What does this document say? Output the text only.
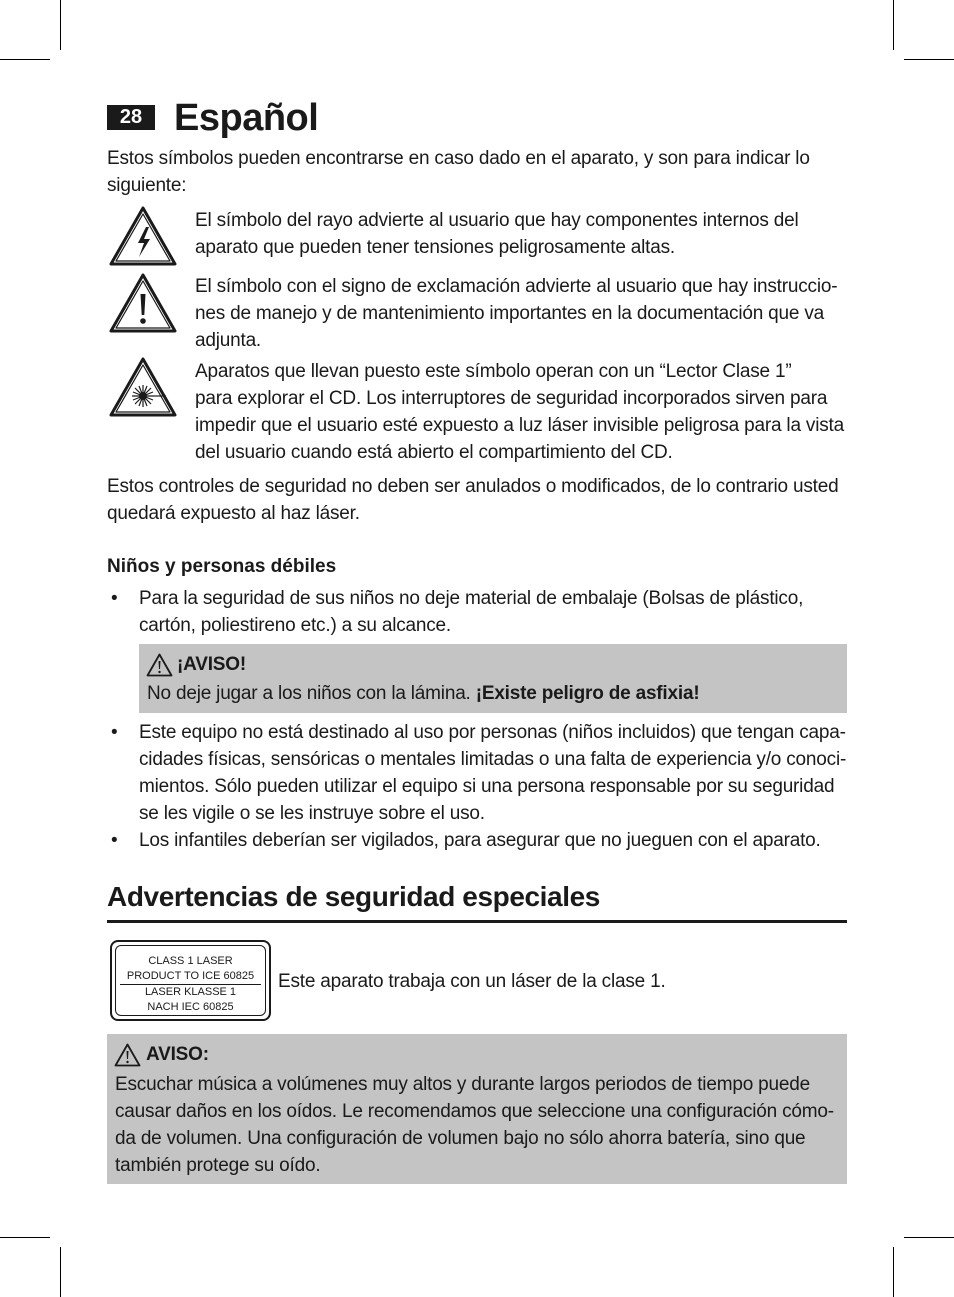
28 Español
Estos símbolos pueden encontrarse en caso dado en el aparato, y son para indicar lo
siguiente:
El símbolo del rayo advierte al usuario que hay componentes internos del
aparato que pueden tener tensiones peligrosamente altas.
El símbolo con el signo de exclamación advierte al usuario que hay instruccio-
nes de manejo y de mantenimiento importantes en la documentación que va
adjunta.
Aparatos que llevan puesto este símbolo operan con un “Lector Clase 1”
para explorar el CD. Los interruptores de seguridad incorporados sirven para
impedir que el usuario esté expuesto a luz láser invisible peligrosa para la vista
del usuario cuando está abierto el compartimiento del CD.
Estos controles de seguridad no deben ser anulados o modificados, de lo contrario usted
quedará expuesto al haz láser.
Niños y personas débiles
• Para la seguridad de sus niños no deje material de embalaje (Bolsas de plástico,
cartón, poliestireno etc.) a su alcance.
¡AVISO!
No deje jugar a los niños con la lámina. ¡Existe peligro de asfixia!
• Este equipo no está destinado al uso por personas (niños incluidos) que tengan capa-
cidades físicas, sensóricas o mentales limitadas o una falta de experiencia y/o conoci-
mientos. Sólo pueden utilizar el equipo si una persona responsable por su seguridad
se les vigile o se les instruye sobre el uso.
• Los infantiles deberían ser vigilados, para asegurar que no jueguen con el aparato.
Advertencias de seguridad especiales
CLASS 1 LASER
PRODUCT TO ICE 60825
LASER KLASSE 1
NACH IEC 60825
Este aparato trabaja con un láser de la clase 1.
AVISO:
Escuchar música a volúmenes muy altos y durante largos periodos de tiempo puede
causar daños en los oídos. Le recomendamos que seleccione una configuración cómo-
da de volumen. Una configuración de volumen bajo no sólo ahorra batería, sino que
también protege su oído.
